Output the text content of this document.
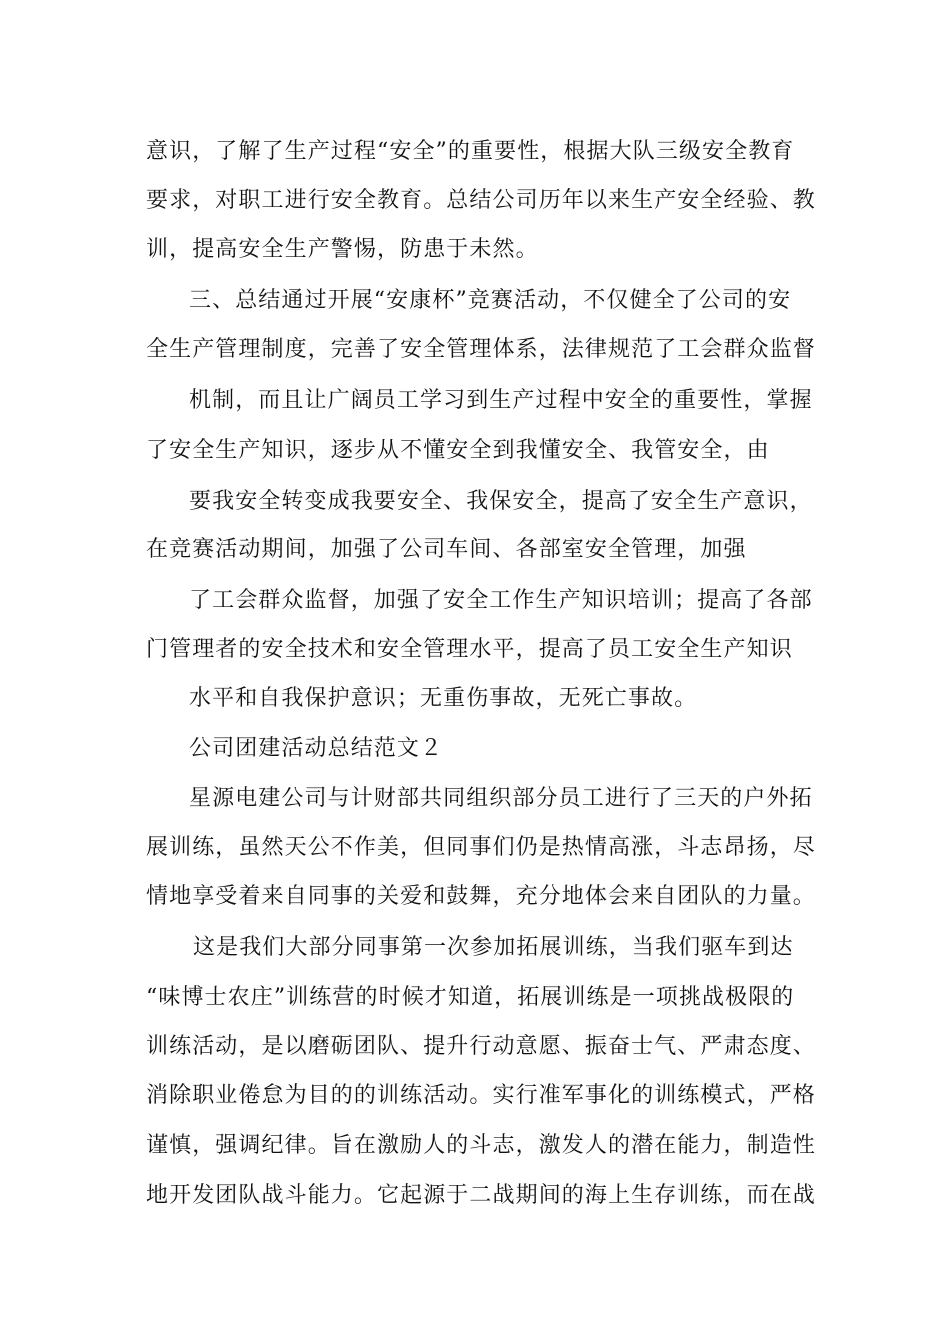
意识，了解了生产过程“安全”的重要性，根据大队三级安全教育
要求，对职工进行安全教育。总结公司历年以来生产安全经验、教
训，提高安全生产警惕，防患于未然。
三、总结通过开展“安康杯”竞赛活动，不仅健全了公司的安
全生产管理制度，完善了安全管理体系，法律规范了工会群众监督
机制，而且让广阔员工学习到生产过程中安全的重要性，掌握
了安全生产知识，逐步从不懂安全到我懂安全、我管安全，由
要我安全转变成我要安全、我保安全，提高了安全生产意识，
在竞赛活动期间，加强了公司车间、各部室安全管理，加强
了工会群众监督，加强了安全工作生产知识培训；提高了各部
门管理者的安全技术和安全管理水平，提高了员工安全生产知识
水平和自我保护意识；无重伤事故，无死亡事故。
公司团建活动总结范文２
星源电建公司与计财部共同组织部分员工进行了三天的户外拓
展训练，虽然天公不作美，但同事们仍是热情高涨，斗志昂扬，尽
情地享受着来自同事的关爱和鼓舞，充分地体会来自团队的力量。
这是我们大部分同事第一次参加拓展训练，当我们驱车到达
“味博士农庄”训练营的时候才知道，拓展训练是一项挑战极限的
训练活动，是以磨砺团队、提升行动意愿、振奋士气、严肃态度、
消除职业倦怠为目的的训练活动。实行准军事化的训练模式，严格
谨慎，强调纪律。旨在激励人的斗志，激发人的潜在能力，制造性
地开发团队战斗能力。它起源于二战期间的海上生存训练，而在战
